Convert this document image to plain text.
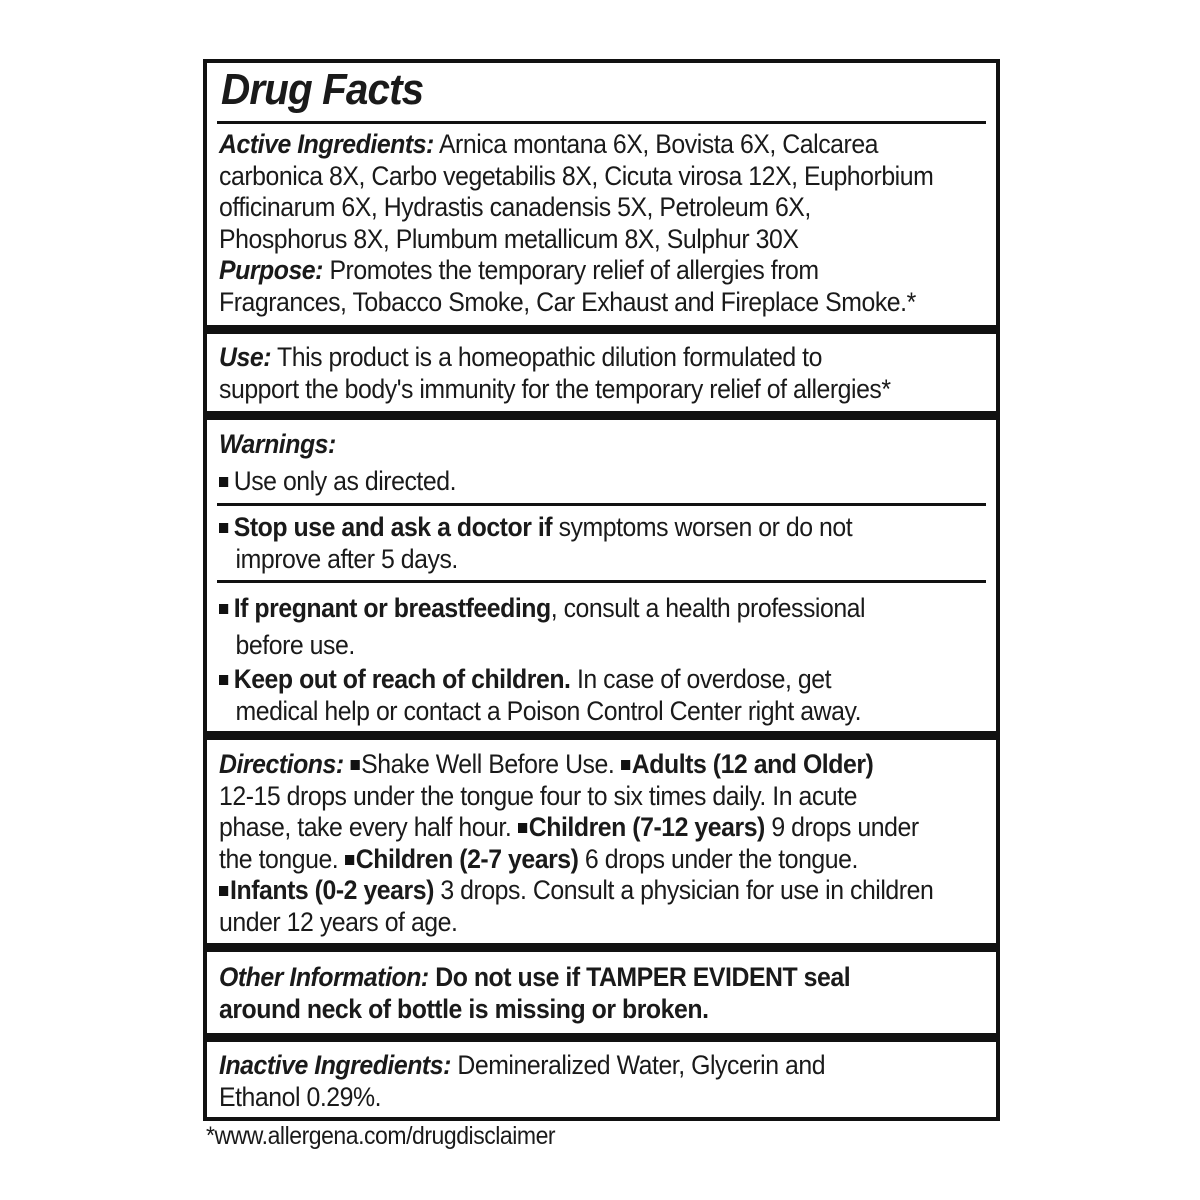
Drug Facts
Active Ingredients: Arnica montana 6X, Bovista 6X, Calcarea
carbonica 8X, Carbo vegetabilis 8X, Cicuta virosa 12X, Euphorbium
officinarum 6X, Hydrastis canadensis 5X, Petroleum 6X,
Phosphorus 8X, Plumbum metallicum 8X, Sulphur 30X
Purpose: Promotes the temporary relief of allergies from
Fragrances, Tobacco Smoke, Car Exhaust and Fireplace Smoke.*
Use: This product is a homeopathic dilution formulated to
support the body's immunity for the temporary relief of allergies*
Warnings:
Use only as directed.
Stop use and ask a doctor if symptoms worsen or do not
improve after 5 days.
If pregnant or breastfeeding, consult a health professional
before use.
Keep out of reach of children. In case of overdose, get
medical help or contact a Poison Control Center right away.
Directions: Shake Well Before Use. Adults (12 and Older)
12-15 drops under the tongue four to six times daily. In acute
phase, take every half hour. Children (7-12 years) 9 drops under
the tongue. Children (2-7 years) 6 drops under the tongue.
Infants (0-2 years) 3 drops. Consult a physician for use in children
under 12 years of age.
Other Information: Do not use if TAMPER EVIDENT seal
around neck of bottle is missing or broken.
Inactive Ingredients: Demineralized Water, Glycerin and
Ethanol 0.29%.
*www.allergena.com/drugdisclaimer
